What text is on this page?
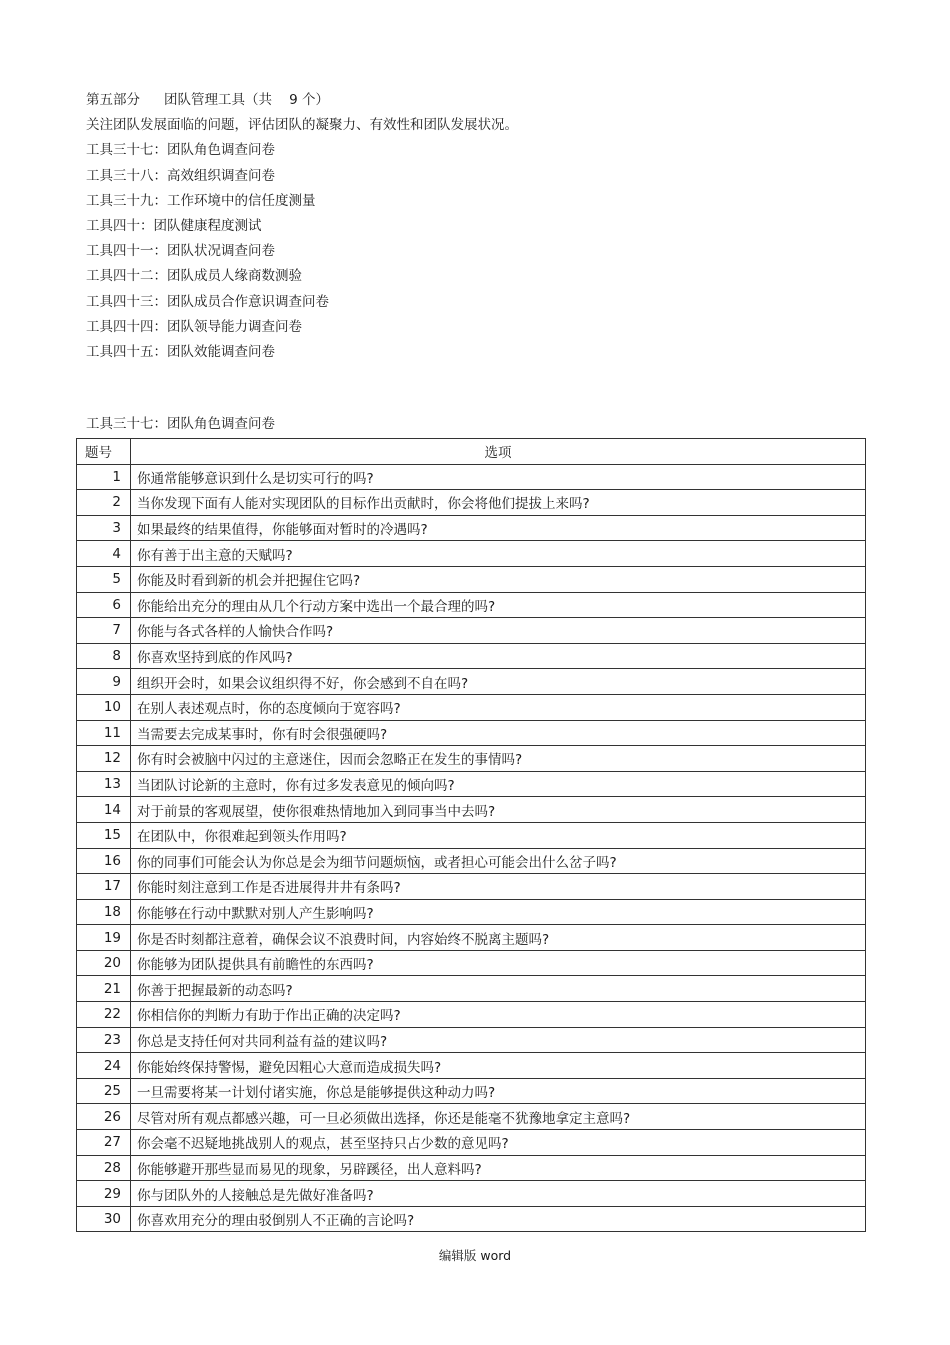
第五部分 团队管理工具（共 9 个）
关注团队发展面临的问题，评估团队的凝聚力、有效性和团队发展状况。
工具三十七：团队角色调查问卷
工具三十八：高效组织调查问卷
工具三十九：工作环境中的信任度测量
工具四十：团队健康程度测试
工具四十一：团队状况调查问卷
工具四十二：团队成员人缘商数测验
工具四十三：团队成员合作意识调查问卷
工具四十四：团队领导能力调查问卷
工具四十五：团队效能调查问卷
工具三十七：团队角色调查问卷
题号	选项
1	你通常能够意识到什么是切实可行的吗?
2	当你发现下面有人能对实现团队的目标作出贡献时，你会将他们提拔上来吗?
3	如果最终的结果值得，你能够面对暂时的冷遇吗?
4	你有善于出主意的天赋吗?
5	你能及时看到新的机会并把握住它吗?
6	你能给出充分的理由从几个行动方案中选出一个最合理的吗?
7	你能与各式各样的人愉快合作吗?
8	你喜欢坚持到底的作风吗?
9	组织开会时，如果会议组织得不好，你会感到不自在吗?
10	在别人表述观点时，你的态度倾向于宽容吗?
11	当需要去完成某事时，你有时会很强硬吗?
12	你有时会被脑中闪过的主意迷住，因而会忽略正在发生的事情吗?
13	当团队讨论新的主意时，你有过多发表意见的倾向吗?
14	对于前景的客观展望，使你很难热情地加入到同事当中去吗?
15	在团队中，你很难起到领头作用吗?
16	你的同事们可能会认为你总是会为细节问题烦恼，或者担心可能会出什么岔子吗?
17	你能时刻注意到工作是否进展得井井有条吗?
18	你能够在行动中默默对别人产生影响吗?
19	你是否时刻都注意着，确保会议不浪费时间，内容始终不脱离主题吗?
20	你能够为团队提供具有前瞻性的东西吗?
21	你善于把握最新的动态吗?
22	你相信你的判断力有助于作出正确的决定吗?
23	你总是支持任何对共同利益有益的建议吗?
24	你能始终保持警惕，避免因粗心大意而造成损失吗?
25	一旦需要将某一计划付诸实施，你总是能够提供这种动力吗?
26	尽管对所有观点都感兴趣，可一旦必须做出选择，你还是能毫不犹豫地拿定主意吗?
27	你会毫不迟疑地挑战别人的观点，甚至坚持只占少数的意见吗?
28	你能够避开那些显而易见的现象，另辟蹊径，出人意料吗?
29	你与团队外的人接触总是先做好准备吗?
30	你喜欢用充分的理由驳倒别人不正确的言论吗?
编辑版 word
